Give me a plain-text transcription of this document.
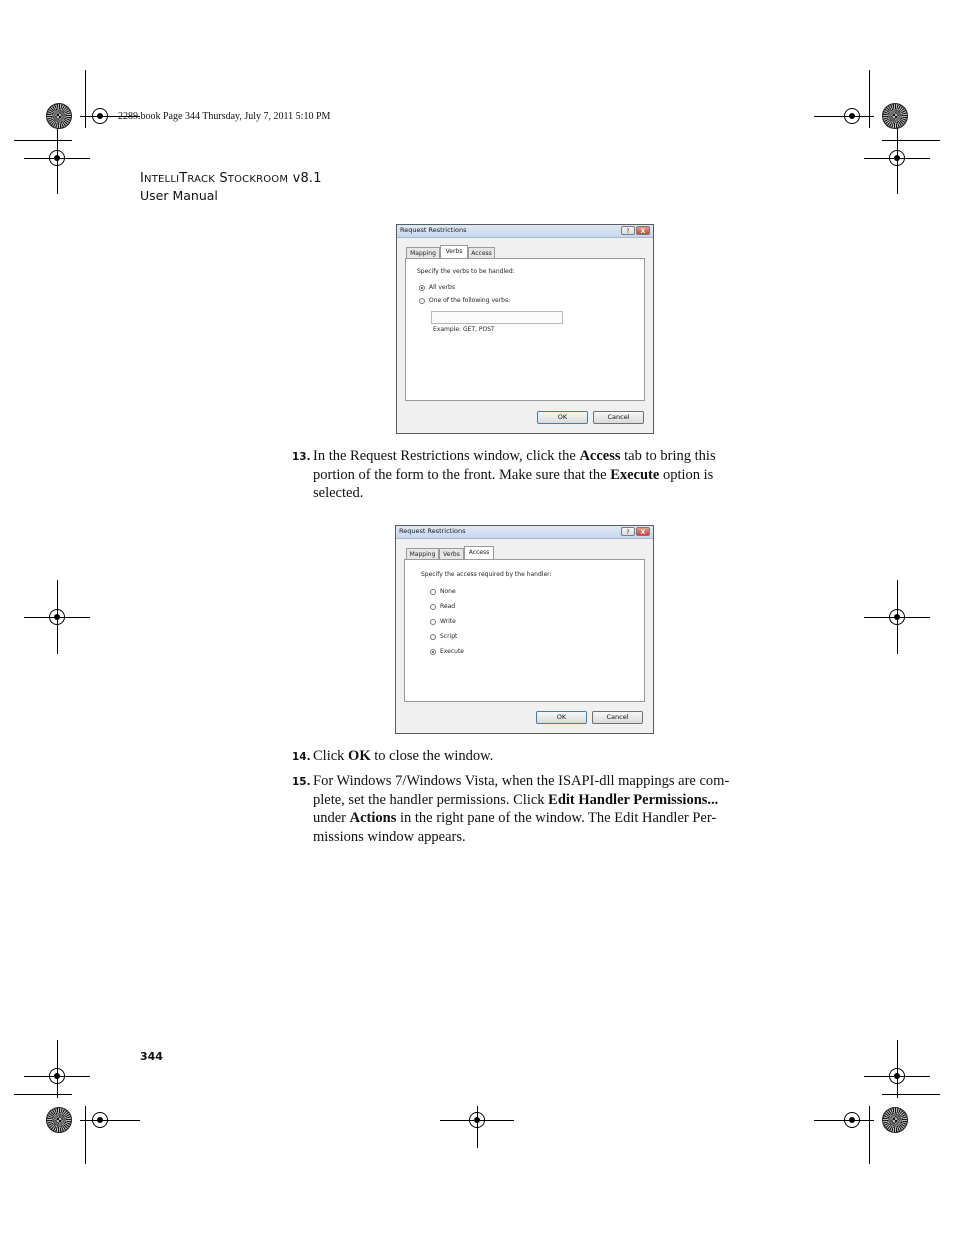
2289.book Page 344 Thursday, July 7, 2011 5:10 PM
INTELLITRACK STOCKROOM v8.1
User Manual
Request Restrictions	?	X
Mapping	Verbs	Access
Specify the verbs to be handled:
All verbs
One of the following verbs:
Example: GET, POST
OK	Cancel
13. In the Request Restrictions window, click the Access tab to bring this
portion of the form to the front. Make sure that the Execute option is
selected.
Request Restrictions	?	X
Mapping	Verbs	Access
Specify the access required by the handler:
None
Read
Write
Script
Execute
OK	Cancel
14. Click OK to close the window.
15. For Windows 7/Windows Vista, when the ISAPI-dll mappings are com-
plete, set the handler permissions. Click Edit Handler Permissions...
under Actions in the right pane of the window. The Edit Handler Per-
missions window appears.
344
